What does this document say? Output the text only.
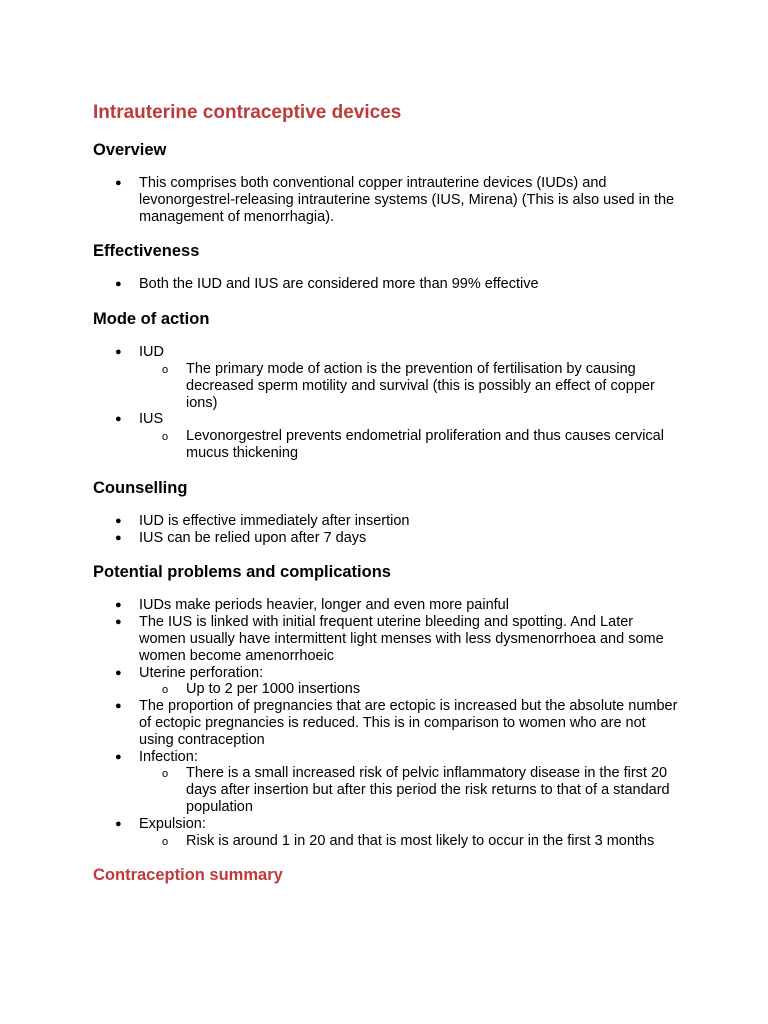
Intrauterine contraceptive devices
Overview
● This comprises both conventional copper intrauterine devices (IUDs) and levonorgestrel-releasing intrauterine systems (IUS, Mirena) (This is also used in the management of menorrhagia).
Effectiveness
● Both the IUD and IUS are considered more than 99% effective
Mode of action
● IUD
o The primary mode of action is the prevention of fertilisation by causing decreased sperm motility and survival (this is possibly an effect of copper ions)
● IUS
o Levonorgestrel prevents endometrial proliferation and thus causes cervical mucus thickening
Counselling
● IUD is effective immediately after insertion
● IUS can be relied upon after 7 days
Potential problems and complications
● IUDs make periods heavier, longer and even more painful
● The IUS is linked with initial frequent uterine bleeding and spotting. And Later women usually have intermittent light menses with less dysmenorrhoea and some women become amenorrhoeic
● Uterine perforation:
o Up to 2 per 1000 insertions
● The proportion of pregnancies that are ectopic is increased but the absolute number of ectopic pregnancies is reduced. This is in comparison to women who are not using contraception
● Infection:
o There is a small increased risk of pelvic inflammatory disease in the first 20 days after insertion but after this period the risk returns to that of a standard population
● Expulsion:
o Risk is around 1 in 20 and that is most likely to occur in the first 3 months
Contraception summary
